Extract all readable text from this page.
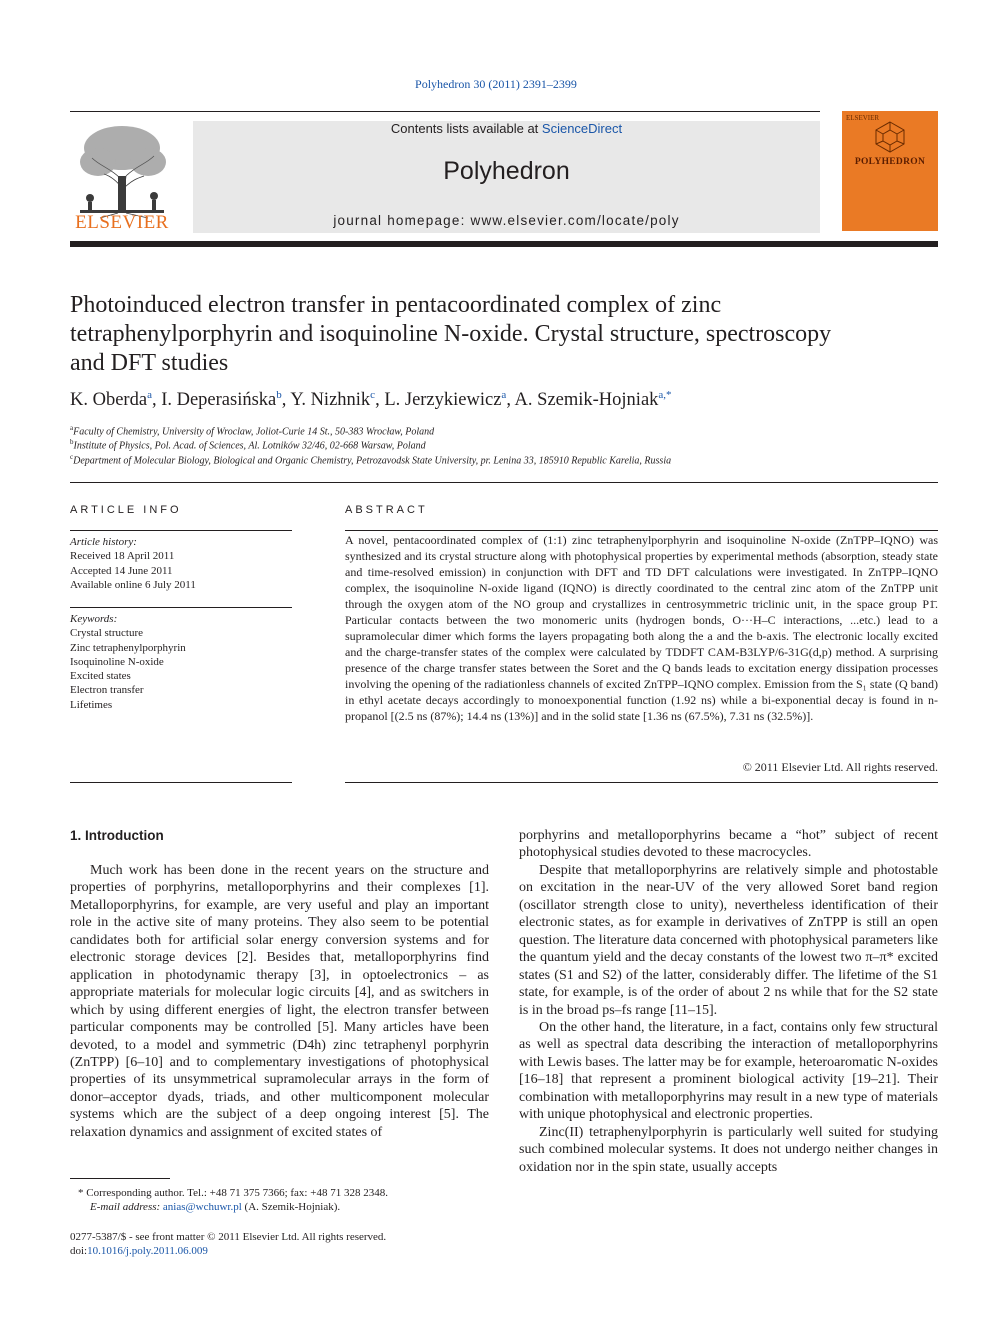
Polyhedron 30 (2011) 2391–2399
ELSEVIER
Contents lists available at ScienceDirect
Polyhedron
journal homepage: www.elsevier.com/locate/poly
ELSEVIER
POLYHEDRON
Photoinduced electron transfer in pentacoordinated complex of zinc
tetraphenylporphyrin and isoquinoline N-oxide. Crystal structure, spectroscopy
and DFT studies
K. Oberda$^a$, I. Deperasińska$^b$, Y. Nizhnik$^c$, L. Jerzykiewicz$^a$, A. Szemik-Hojniak$^{a,*}$
$^a$Faculty of Chemistry, University of Wroclaw, Joliot-Curie 14 St., 50-383 Wrocław, Poland
$^b$Institute of Physics, Pol. Acad. of Sciences, Al. Lotników 32/46, 02-668 Warsaw, Poland
$^c$Department of Molecular Biology, Biological and Organic Chemistry, Petrozavodsk State University, pr. Lenina 33, 185910 Republic Karelia, Russia
ARTICLE INFO
Article history:
Received 18 April 2011
Accepted 14 June 2011
Available online 6 July 2011
Keywords:
Crystal structure
Zinc tetraphenylporphyrin
Isoquinoline N-oxide
Excited states
Electron transfer
Lifetimes
ABSTRACT
A novel, pentacoordinated complex of (1:1) zinc tetraphenylporphyrin and isoquinoline N-oxide (ZnTPP–IQNO) was synthesized and its crystal structure along with photophysical properties by experimental methods (absorption, steady state and time-resolved emission) in conjunction with DFT and TD DFT calculations were investigated. In ZnTPP–IQNO complex, the isoquinoline N-oxide ligand (IQNO) is directly coordinated to the central zinc atom of the ZnTPP unit through the oxygen atom of the NO group and crystallizes in centrosymmetric triclinic unit, in the space group P1̄. Particular contacts between the two monomeric units (hydrogen bonds, O···H–C interactions, ...etc.) lead to a supramolecular dimer which forms the layers propagating both along the a and the b-axis. The electronic locally excited and the charge-transfer states of the complex were calculated by TDDFT CAM-B3LYP/6-31G(d,p) method. A surprising presence of the charge transfer states between the Soret and the Q bands leads to excitation energy dissipation processes involving the opening of the radiationless channels of excited ZnTPP–IQNO complex. Emission from the S₁ state (Q band) in ethyl acetate decays accordingly to monoexponential function (1.92 ns) while a bi-exponential decay is found in n-propanol [(2.5 ns (87%); 14.4 ns (13%)] and in the solid state [1.36 ns (67.5%), 7.31 ns (32.5%)].
© 2011 Elsevier Ltd. All rights reserved.
1. Introduction

Much work has been done in the recent years on the structure and properties of porphyrins, metalloporphyrins and their complexes [1]. Metalloporphyrins, for example, are very useful and play an important role in the active site of many proteins. They also seem to be potential candidates both for artificial solar energy conversion systems and for electronic storage devices [2]. Besides that, metalloporphyrins find application in photodynamic therapy [3], in optoelectronics – as appropriate materials for molecular logic circuits [4], and as switchers in which by using different energies of light, the electron transfer between particular components may be controlled [5]. Many articles have been devoted, to a model and symmetric (D4h) zinc tetraphenyl porphyrin (ZnTPP) [6–10] and to complementary investigations of photophysical properties of its unsymmetrical supramolecular arrays in the form of donor–acceptor dyads, triads, and other multicomponent molecular systems which are the subject of a deep ongoing interest [5]. The relaxation dynamics and assignment of excited states of

porphyrins and metalloporphyrins became a “hot” subject of recent photophysical studies devoted to these macrocycles.

Despite that metalloporphyrins are relatively simple and photostable on excitation in the near-UV of the very allowed Soret band region (oscillator strength close to unity), nevertheless identification of their electronic states, as for example in derivatives of ZnTPP is still an open question. The literature data concerned with photophysical parameters like the quantum yield and the decay constants of the lowest two π–π* excited states (S1 and S2) of the latter, considerably differ. The lifetime of the S1 state, for example, is of the order of about 2 ns while that for the S2 state is in the broad ps–fs range [11–15].

On the other hand, the literature, in a fact, contains only few structural as well as spectral data describing the interaction of metalloporphyrins with Lewis bases. The latter may be for example, heteroaromatic N-oxides [16–18] that represent a prominent biological activity [19–21]. Their combination with metalloporphyrins may result in a new type of materials with unique photophysical and electronic properties.

Zinc(II) tetraphenylporphyrin is particularly well suited for studying such combined molecular systems. It does not undergo neither changes in oxidation nor in the spin state, usually accepts

* Corresponding author. Tel.: +48 71 375 7366; fax: +48 71 328 2348.
E-mail address: anias@wchuwr.pl (A. Szemik-Hojniak).
0277-5387/$ - see front matter © 2011 Elsevier Ltd. All rights reserved.
doi:10.1016/j.poly.2011.06.009
